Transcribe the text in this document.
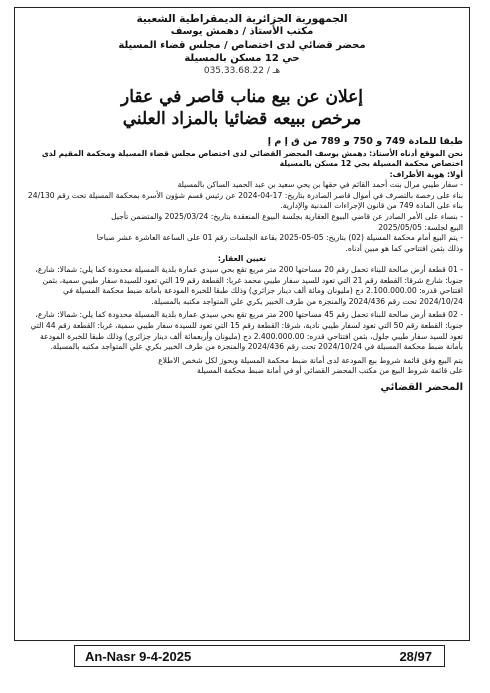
الجمهورية الجزائرية الديمقراطية الشعبية
مكتب الأستاذ / دهمش يوسف
محضر قضائي لدى اختصاص / مجلس قضاء المسيلة
حي 12 مسكن بالمسيلة
هـ / 035.33.68.22
إعلان عن بيع مناب قاصر في عقار
مرخص ببيعه قضائيا بالمزاد العلني
طبقا للمادة 749 و 750 و 789 من ق إ م إ

نحن الموقع أدناه الأستاذ: دهمش يوسف المحضر القضائي لدى اختصاص مجلس قضاء المسيلة ومحكمة المقيم لدى اختصاص محكمة المسيلة بحي 12 مسكن بالمسيلة

أولا: هوية الأطراف:

- سفار طيبي مرال بنت أحمد القائم في حقها بن يحي سعيد بن عبد الحميد الساكن بالمسيلة

بناء على رخصة بالتصرف في أموال قاصر الصادرة بتاريخ: 17-04-2024 عن رئيس قسم شؤون الأسرة بمحكمة المسيلة تحت رقم 24/130

بناء على المادة 749 من قانون الإجراءات المدنية والإدارية.

- بنساء على الأمر الصادر عن قاضي البيوع العقارية بجلسة البيوع المنعقدة بتاريخ: 2025/03/24 والمتضمن تأجيل

البيع لجلسة: 2025/05/05

- يتم البيع أمام محكمة المسيلة (02) بتاريخ: 05-05-2025 بقاعة الجلسات رقم 01 على الساعة العاشرة عشر صباحا

وذلك بثمن افتتاحي كما هو مبين أدناه.

تعيين العقار:

- 01 قطعة أرض صالحة للبناء تحمل رقم 20 مساحتها 200 متر مربع تقع بحي سيدي عمارة بلدية المسيلة محدودة كما يلي: شمالا: شارع، جنوبا: شارع شرقا: القطعة رقم 21 التي تعود للسيد سفار طيبي محمد غربا: القطعة رقم 19 التي تعود للسيدة سفار طيبي سمية، بثمن افتتاحي قدره: 2.100.000.00 دج (مليونان ومائة ألف دينار جزائري) وذلك طبقا للخبرة المودعة بأمانة ضبط محكمة المسيلة في 2024/10/24 تحت رقم 2024/436 والمنجزة من طرف الخبير بكري علي المتواجد مكتبه بالمسيلة.

- 02 قطعة أرض صالحة للبناء تحمل رقم 45 مساحتها 200 متر مربع تقع بحي سيدي عمارة بلدية المسيلة محدودة كما يلي: شمالا: شارع، جنوبا: القطعة رقم 50 التي تعود لسفار طيبي نادية، شرقا: القطعة رقم 15 التي تعود للسيدة سفار طيبي سمية، غربا: القطعة رقم 44 التي تعود للسيد سفار طيبي جلول، بثمن افتتاحي قدره: 2.400.000.00 دج (مليونان وأربعمائة ألف دينار جزائري) وذلك طبقا للخبرة المودعة بأمانة ضبط محكمة المسيلة في 2024/10/24 تحت رقم 2024/436 والمنجزة من طرف الخبير بكري علي المتواجد مكتبه بالمسيلة.

يتم البيع وفق قائمة شروط بيع المودعة لدى أمانة ضبط محكمة المسيلة وبحوز لكل شخص الاطلاع

على قائمة شروط البيع من مكتب المحضر القضائي أو في أمانة ضبط محكمة المسيلة

المحضر القضائي
An-Nasr 9-4-2025	28/97
